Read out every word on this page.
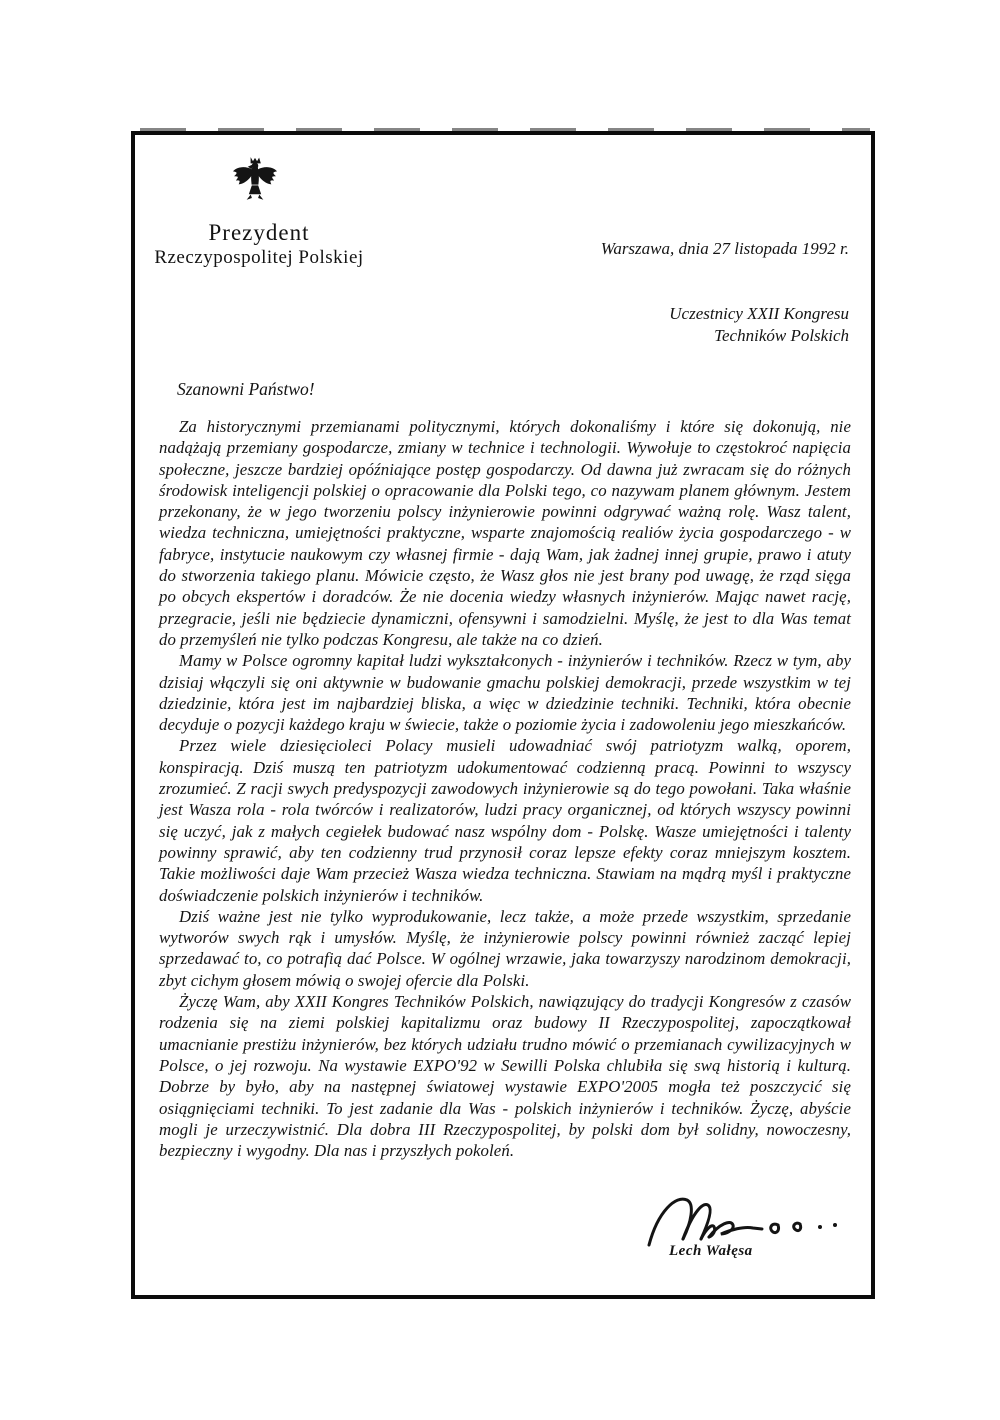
Prezydent
Rzeczypospolitej Polskiej	Warszawa, dnia 27 listopada 1992 r.
Uczestnicy XXII Kongresu
Techników Polskich
Szanowni Państwo!

Za historycznymi przemianami politycznymi, których dokonaliśmy i które się dokonują, nie nadążają przemiany gospodarcze, zmiany w technice i technologii. Wywołuje to częstokroć napięcia społeczne, jeszcze bardziej opóźniające postęp gospodarczy. Od dawna już zwracam się do różnych środowisk inteligencji polskiej o opracowanie dla Polski tego, co nazywam planem głównym. Jestem przekonany, że w jego tworzeniu polscy inżynierowie powinni odgrywać ważną rolę. Wasz talent, wiedza techniczna, umiejętności praktyczne, wsparte znajomością realiów życia gospodarczego - w fabryce, instytucie naukowym czy własnej firmie - dają Wam, jak żadnej innej grupie, prawo i atuty do stworzenia takiego planu. Mówicie często, że Wasz głos nie jest brany pod uwagę, że rząd sięga po obcych ekspertów i doradców. Że nie docenia wiedzy własnych inżynierów. Mając nawet rację, przegracie, jeśli nie będziecie dynamiczni, ofensywni i samodzielni. Myślę, że jest to dla Was temat do przemyśleń nie tylko podczas Kongresu, ale także na co dzień.

Mamy w Polsce ogromny kapitał ludzi wykształconych - inżynierów i techników. Rzecz w tym, aby dzisiaj włączyli się oni aktywnie w budowanie gmachu polskiej demokracji, przede wszystkim w tej dziedzinie, która jest im najbardziej bliska, a więc w dziedzinie techniki. Techniki, która obecnie decyduje o pozycji każdego kraju w świecie, także o poziomie życia i zadowoleniu jego mieszkańców.

Przez wiele dziesięcioleci Polacy musieli udowadniać swój patriotyzm walką, oporem, konspiracją. Dziś muszą ten patriotyzm udokumentować codzienną pracą. Powinni to wszyscy zrozumieć. Z racji swych predyspozycji zawodowych inżynierowie są do tego powołani. Taka właśnie jest Wasza rola - rola twórców i realizatorów, ludzi pracy organicznej, od których wszyscy powinni się uczyć, jak z małych cegiełek budować nasz wspólny dom - Polskę. Wasze umiejętności i talenty powinny sprawić, aby ten codzienny trud przynosił coraz lepsze efekty coraz mniejszym kosztem. Takie możliwości daje Wam przecież Wasza wiedza techniczna. Stawiam na mądrą myśl i praktyczne doświadczenie polskich inżynierów i techników.

Dziś ważne jest nie tylko wyprodukowanie, lecz także, a może przede wszystkim, sprzedanie wytworów swych rąk i umysłów. Myślę, że inżynierowie polscy powinni również zacząć lepiej sprzedawać to, co potrafią dać Polsce. W ogólnej wrzawie, jaka towarzyszy narodzinom demokracji, zbyt cichym głosem mówią o swojej ofercie dla Polski.

Życzę Wam, aby XXII Kongres Techników Polskich, nawiązujący do tradycji Kongresów z czasów rodzenia się na ziemi polskiej kapitalizmu oraz budowy II Rzeczypospolitej, zapoczątkował umacnianie prestiżu inżynierów, bez których udziału trudno mówić o przemianach cywilizacyjnych w Polsce, o jej rozwoju. Na wystawie EXPO'92 w Sewilli Polska chlubiła się swą historią i kulturą. Dobrze by było, aby na następnej światowej wystawie EXPO'2005 mogła też poszczycić się osiągnięciami techniki. To jest zadanie dla Was - polskich inżynierów i techników. Życzę, abyście mogli je urzeczywistnić. Dla dobra III Rzeczypospolitej, by polski dom był solidny, nowoczesny, bezpieczny i wygodny. Dla nas i przyszłych pokoleń.

Lech Wałęsa
